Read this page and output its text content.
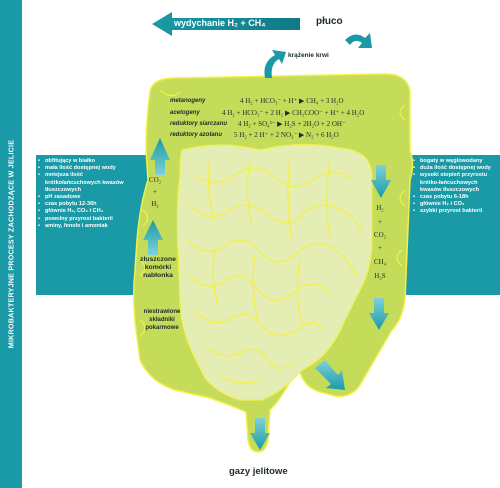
MIKROBAKTERYJNE PROCESY ZACHODZĄCE W JELICIE
wydychanie H₂ + CH₄	płuco
krążenie krwi
metanogeny	4 H₂ + HCO₃⁻ + H⁺ ▶ CH₄ + 3 H₂O
acetogeny	4 H₂ + HCO₃⁻ + 2 H₂ ▶ CH₃COO⁻ + H⁺ + 4 H₂O
reduktory siarczanu 4 H₂ + SO₄²⁻ ▶ H₂S + 2H₂O + 2 OH⁻
reduktory azotanu 5 H₂ + 2 H⁺ + 2 NO₃⁻ ▶ N₂ + 6 H₂O
• obfitujący w białko
• mała ilość dostępnej wody
• mniejsza ilość krótkołańcuchowych kwasów tłuszczowych
• pH zasadowe
• czas pobytu 12-36h
• głównie H₂, CO₂ i CH₄
• powolny przyrost bakterii
• aminy, fenole i amoniak
• bogaty w węglowodany
• duża ilość dostępnej wody
• wysoki stopień przyrostu krótko-łańcuchowych kwasów tłuszczowych
• czas pobytu 6-18h
• głównie H₂ i CO₂
• szybki przyrost bakterii
CO₂
+
H₂	H₂
+
CO₂
+
CH₄
H₂S
złuszczone komórki nabłonka
niestrawione składniki pokarmowe
gazy jelitowe
